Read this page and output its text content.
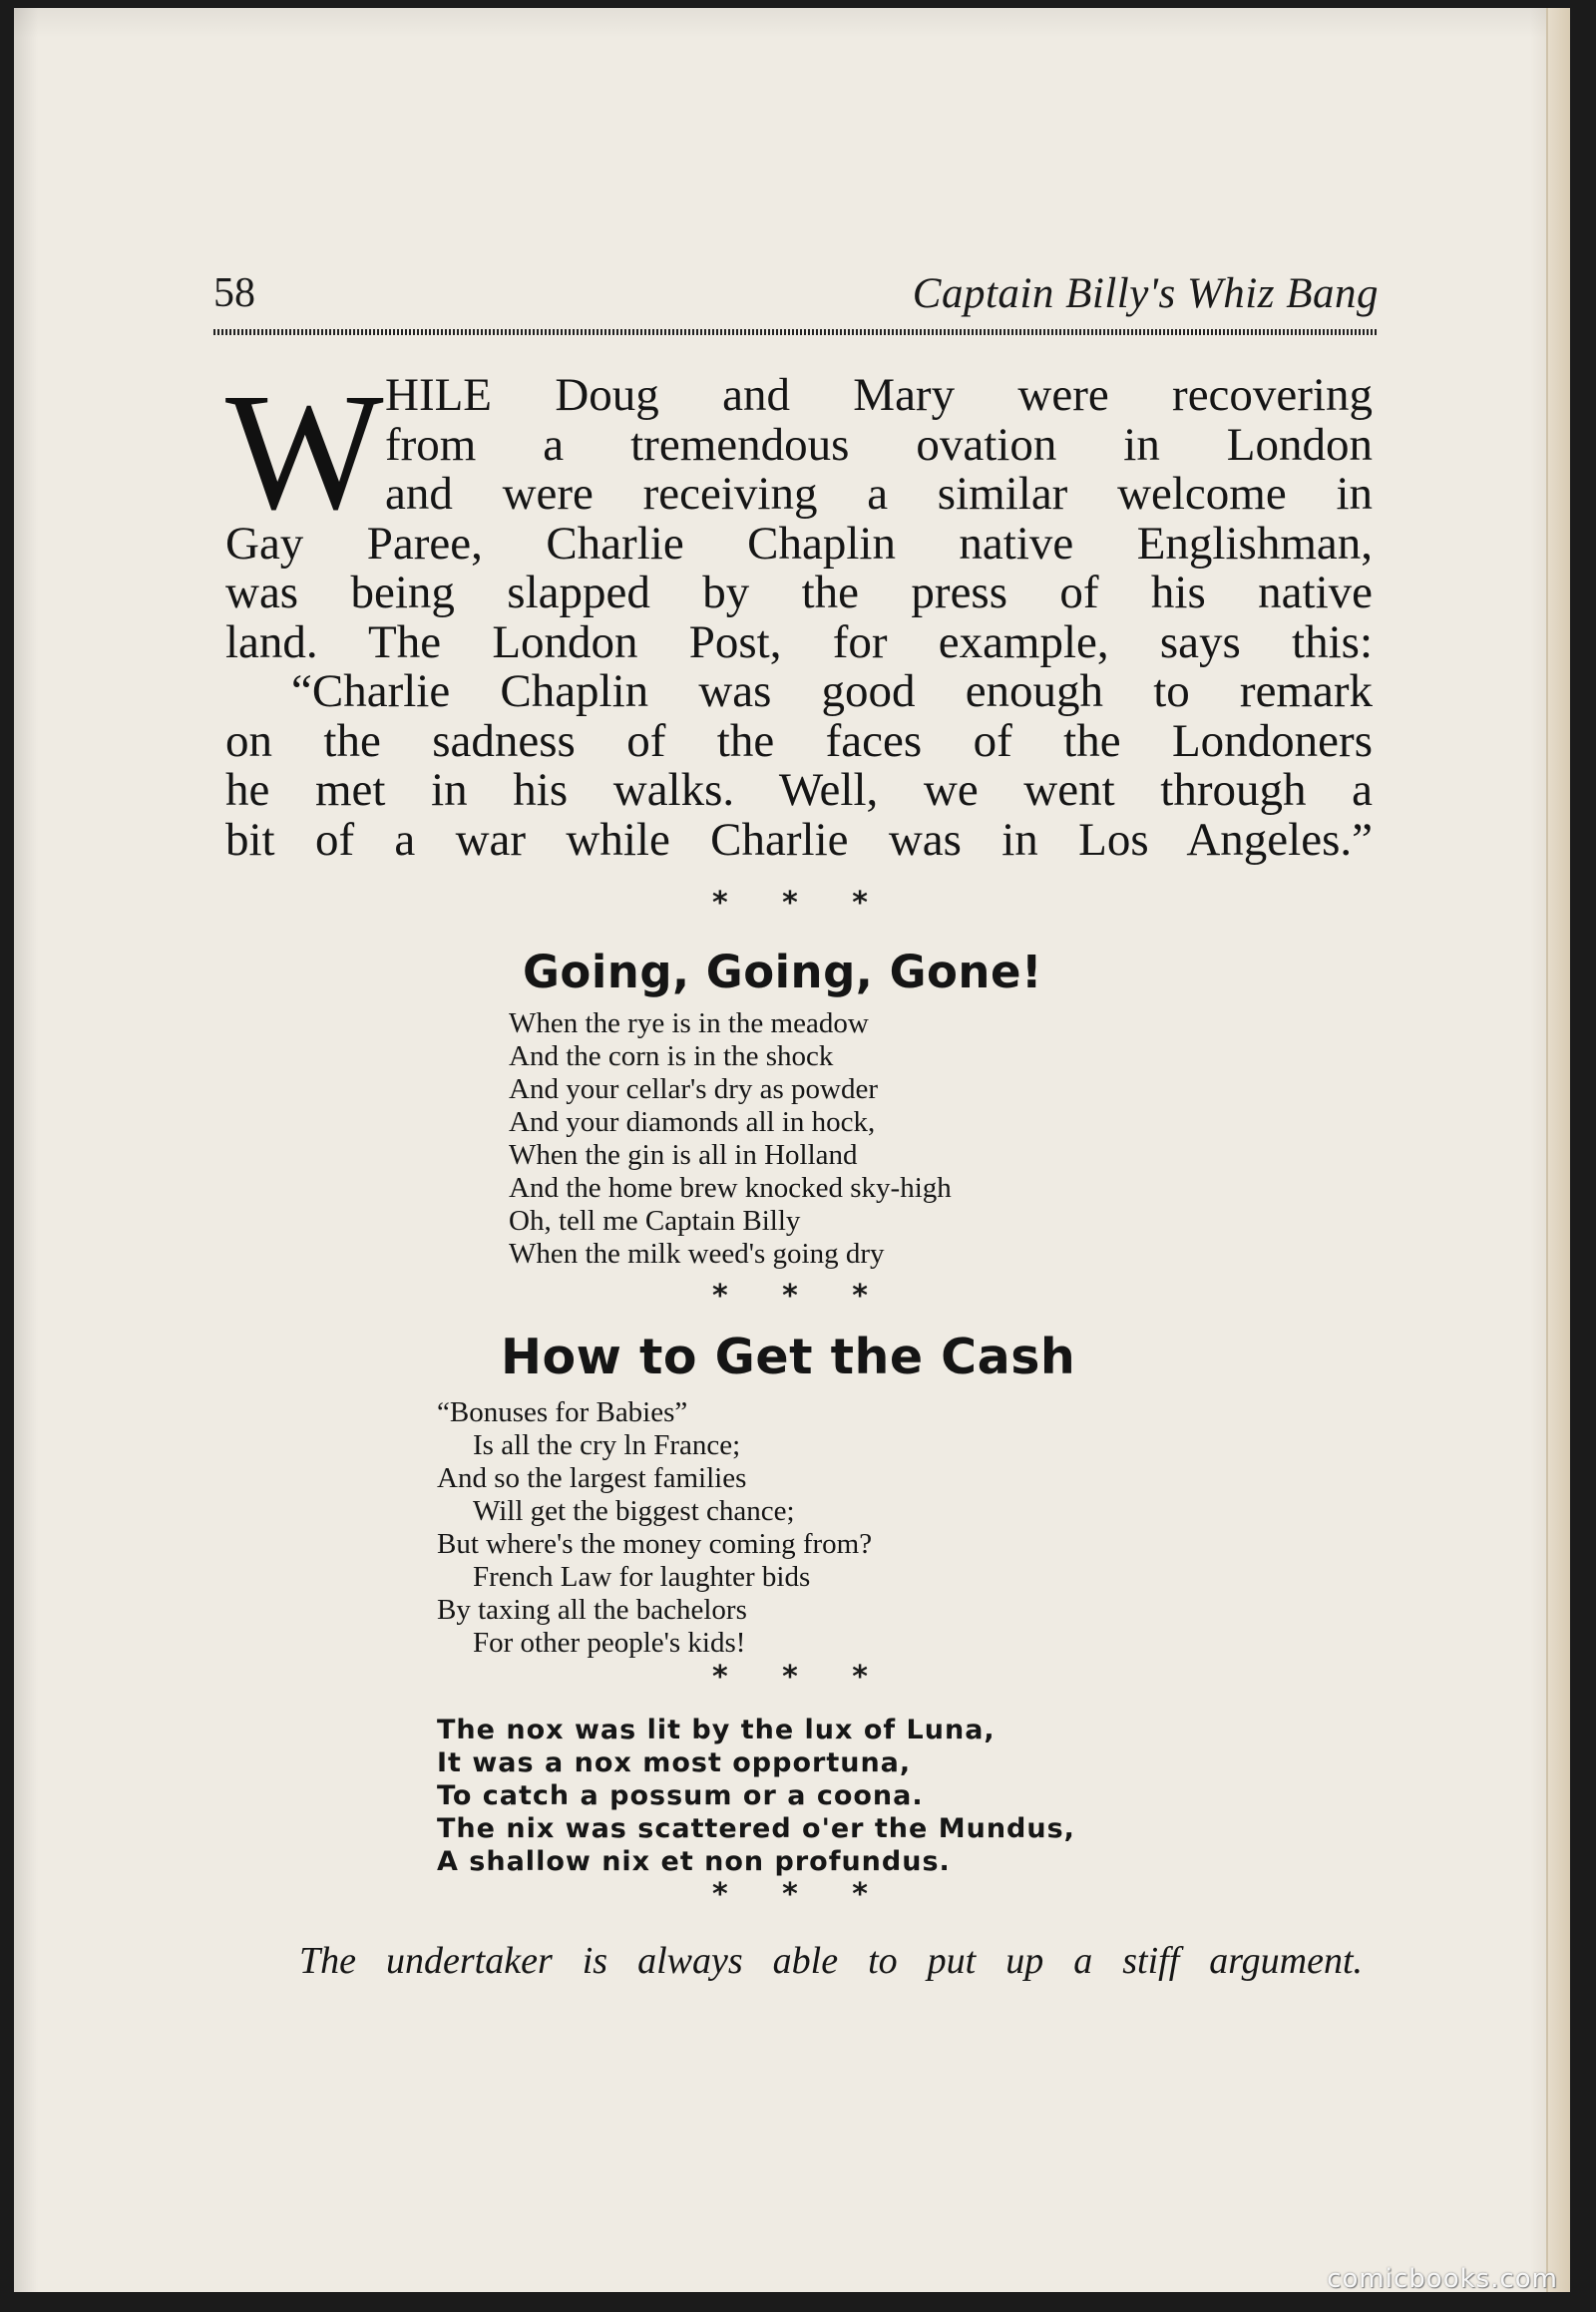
58	Captain Billy's Whiz Bang
W HILE Doug and Mary were recovering
from a tremendous ovation in London
and were receiving a similar welcome in
Gay Paree, Charlie Chaplin native Englishman,
was being slapped by the press of his native
land. The London Post, for example, says this:
“Charlie Chaplin was good enough to remark
on the sadness of the faces of the Londoners
he met in his walks. Well, we went through a
bit of a war while Charlie was in Los Angeles.”
* * *
Going, Going, Gone!
When the rye is in the meadow
And the corn is in the shock
And your cellar's dry as powder
And your diamonds all in hock,
When the gin is all in Holland
And the home brew knocked sky-high
Oh, tell me Captain Billy
When the milk weed's going dry
* * *
How to Get the Cash
“Bonuses for Babies”
Is all the cry ln France;
And so the largest families
Will get the biggest chance;
But where's the money coming from?
French Law for laughter bids
By taxing all the bachelors
For other people's kids!
* * *
The nox was lit by the lux of Luna,
It was a nox most opportuna,
To catch a possum or a coona.
The nix was scattered o'er the Mundus,
A shallow nix et non profundus.
* * *
The undertaker is always able to put up a stiff argument.
comicbooks.com
